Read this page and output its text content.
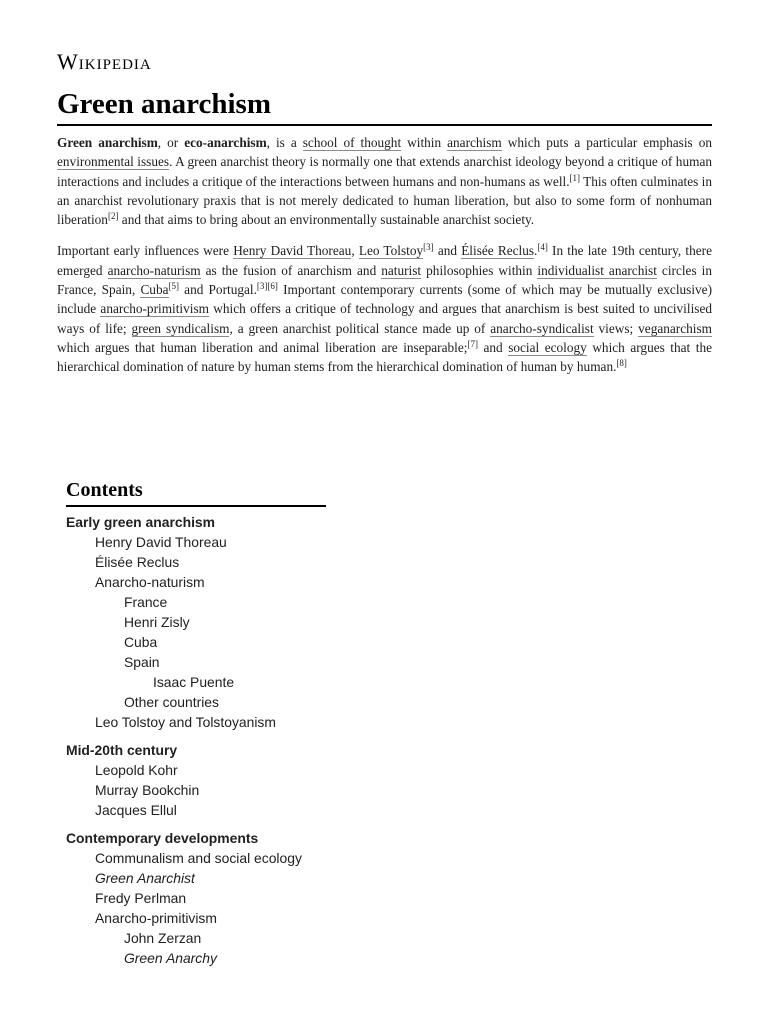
Wikipedia
Green anarchism

Green anarchism, or eco-anarchism, is a school of thought within anarchism which puts a particular emphasis on environmental issues. A green anarchist theory is normally one that extends anarchist ideology beyond a critique of human interactions and includes a critique of the interactions between humans and non-humans as well.[1] This often culminates in an anarchist revolutionary praxis that is not merely dedicated to human liberation, but also to some form of nonhuman liberation[2] and that aims to bring about an environmentally sustainable anarchist society.

Important early influences were Henry David Thoreau, Leo Tolstoy[3] and Élisée Reclus.[4] In the late 19th century, there emerged anarcho-naturism as the fusion of anarchism and naturist philosophies within individualist anarchist circles in France, Spain, Cuba[5] and Portugal.[3][6] Important contemporary currents (some of which may be mutually exclusive) include anarcho-primitivism which offers a critique of technology and argues that anarchism is best suited to uncivilised ways of life; green syndicalism, a green anarchist political stance made up of anarcho-syndicalist views; veganarchism which argues that human liberation and animal liberation are inseparable;[7] and social ecology which argues that the hierarchical domination of nature by human stems from the hierarchical domination of human by human.[8]

Contents
Early green anarchism
Henry David Thoreau
Élisée Reclus
Anarcho-naturism
France
Henri Zisly
Cuba
Spain
Isaac Puente
Other countries
Leo Tolstoy and Tolstoyanism
Mid-20th century
Leopold Kohr
Murray Bookchin
Jacques Ellul
Contemporary developments
Communalism and social ecology
Green Anarchist
Fredy Perlman
Anarcho-primitivism
John Zerzan
Green Anarchy
